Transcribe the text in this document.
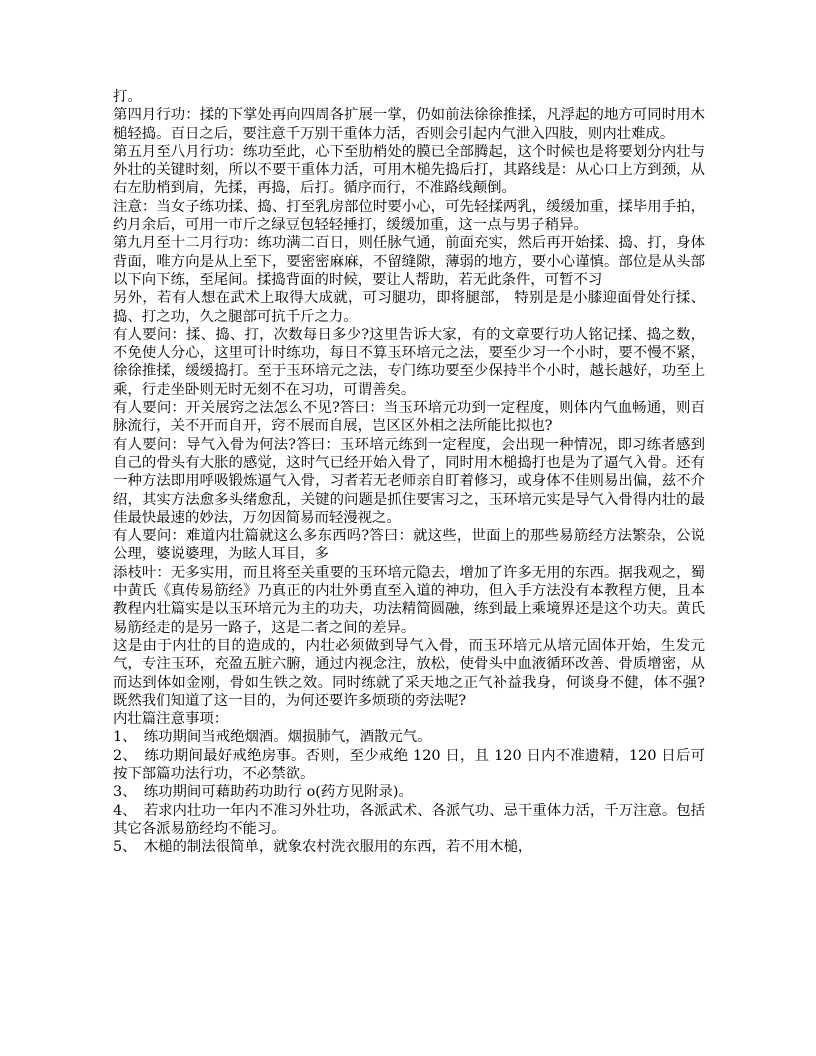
打。

第四月行功：揉的下掌处再向四周各扩展一掌，仍如前法徐徐推揉，凡浮起的地方可同时用木槌轻捣。百日之后，要注意千万别干重体力活，否则会引起内气泄入四肢，则内壮难成。

第五月至八月行功：练功至此，心下至肋梢处的膜已全部腾起，这个时候也是将要划分内壮与外壮的关键时刻，所以不要干重体力活，可用木槌先捣后打，其路线是：从心口上方到颈，从右左肋梢到肩，先揉，再捣，后打。循序而行，不准路线颠倒。

注意：当女子练功揉、捣、打至乳房部位时要小心，可先轻揉两乳，缓缓加重，揉毕用手拍，约月余后，可用一市斤之绿豆包轻轻捶打，缓缓加重，这一点与男子稍异。

第九月至十二月行功：练功满二百日，则任脉气通，前面充实，然后再开始揉、捣、打，身体背面，唯方向是从上至下，要密密麻麻，不留缝隙，薄弱的地方，要小心谨慎。部位是从头部以下向下练，至尾间。揉捣背面的时候，要让人帮助，若无此条件，可暂不习

另外，若有人想在武术上取得大成就，可习腿功，即将腿部， 特别是是小膝迎面骨处行揉、捣、打之功，久之腿部可抗千斤之力。

有人要问：揉、捣、打，次数每日多少?这里告诉大家，有的文章要行功人铭记揉、捣之数，不免使人分心，这里可计时练功，每日不算玉环培元之法，要至少习一个小时，要不慢不紧，徐徐推揉，缓缓捣打。至于玉环培元之法，专门练功要至少保持半个小时，越长越好，功至上乘，行走坐卧则无时无刻不在习功，可谓善矣。

有人要问：开关展窍之法怎么不见?答曰：当玉环培元功到一定程度，则体内气血畅通，则百脉流行，关不开而自开，窍不展而自展，岂区区外相之法所能比拟也?

有人要问：导气入骨为何法?答曰：玉环培元练到一定程度，会出现一种情况，即习练者感到自己的骨头有大胀的感觉，这时气已经开始入骨了，同时用木槌捣打也是为了逼气入骨。还有一种方法即用呼吸锻炼逼气入骨，习者若无老师亲自盯着修习，或身体不佳则易出偏，兹不介绍，其实方法愈多头绪愈乱，关键的问题是抓住要害习之，玉环培元实是导气入骨得内壮的最佳最快最速的妙法，万勿因简易而轻漫视之。

有人要问：难道内壮篇就这么多东西吗?答曰：就这些，世面上的那些易筋经方法繁杂，公说公理，婆说婆理，为眩人耳目，多

添枝叶：无多实用，而且将至关重要的玉环培元隐去，增加了许多无用的东西。据我观之，蜀中黄氏《真传易筋经》乃真正的内壮外勇直至入道的神功，但入手方法没有本教程方便，且本教程内壮篇实是以玉环培元为主的功夫，功法精简圆融，练到最上乘境界还是这个功夫。黄氏易筋经走的是另一路子，这是二者之间的差异。

这是由于内壮的目的造成的，内壮必须做到导气入骨，而玉环培元从培元固体开始，生发元气，专注玉环，充盈五脏六腑，通过内视念注，放松，使骨头中血液循环改善、骨质增密，从而达到体如金刚，骨如生铁之效。同时练就了采天地之正气补益我身，何谈身不健，体不强?既然我们知道了这一目的，为何还要许多烦琐的旁法呢?

内壮篇注意事项：

1、　练功期间当戒绝烟酒。烟损肺气，酒散元气。

2、　练功期间最好戒绝房事。否则，至少戒绝 120 日，且 120 日内不准遗精，120 日后可按下部篇功法行功，不必禁欲。

3、　练功期间可藉助药功助行 o(药方见附录)。

4、　若求内壮功一年内不准习外壮功，各派武术、各派气功、忌干重体力活，千万注意。包括其它各派易筋经均不能习。

5、　木槌的制法很简单，就象农村洗衣服用的东西，若不用木槌，
